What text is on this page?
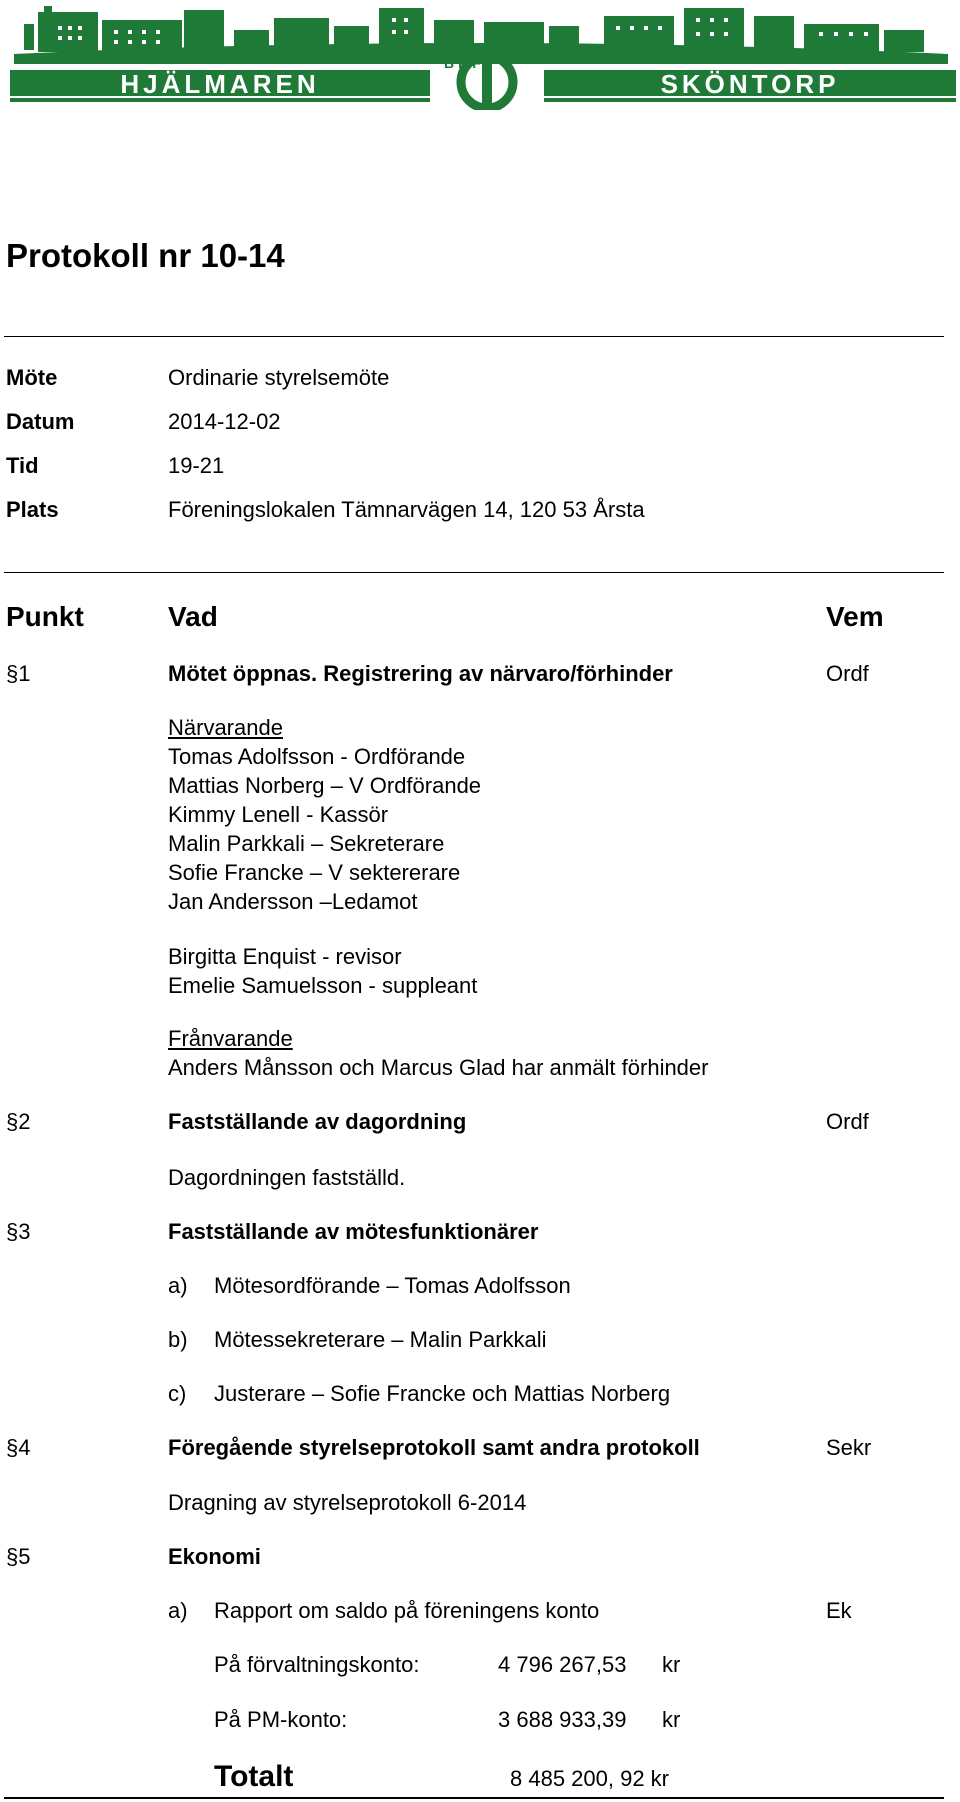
BRF
HJÄLMAREN	SKÖNTORP
Protokoll nr 10-14
Möte	Ordinarie styrelsemöte
Datum	2014-12-02
Tid	19-21
Plats	Föreningslokalen Tämnarvägen 14, 120 53 Årsta
Punkt	Vad	Vem
§1	Mötet öppnas. Registrering av närvaro/förhinder	Ordf
Närvarande
Tomas Adolfsson - Ordförande
Mattias Norberg – V Ordförande
Kimmy Lenell - Kassör
Malin Parkkali – Sekreterare
Sofie Francke – V sektererare
Jan Andersson –Ledamot
Birgitta Enquist - revisor
Emelie Samuelsson - suppleant
Frånvarande
Anders Månsson och Marcus Glad har anmält förhinder
§2	Fastställande av dagordning	Ordf
Dagordningen fastställd.
§3	Fastställande av mötesfunktionärer
a) Mötesordförande – Tomas Adolfsson
b) Mötessekreterare – Malin Parkkali
c) Justerare – Sofie Francke och Mattias Norberg
§4	Föregående styrelseprotokoll samt andra protokoll	Sekr
Dragning av styrelseprotokoll 6-2014
§5	Ekonomi
a) Rapport om saldo på föreningens konto	Ek
På förvaltningskonto:	4 796 267,53 kr
På PM-konto:	3 688 933,39 kr
Totalt	8 485 200, 92 kr
